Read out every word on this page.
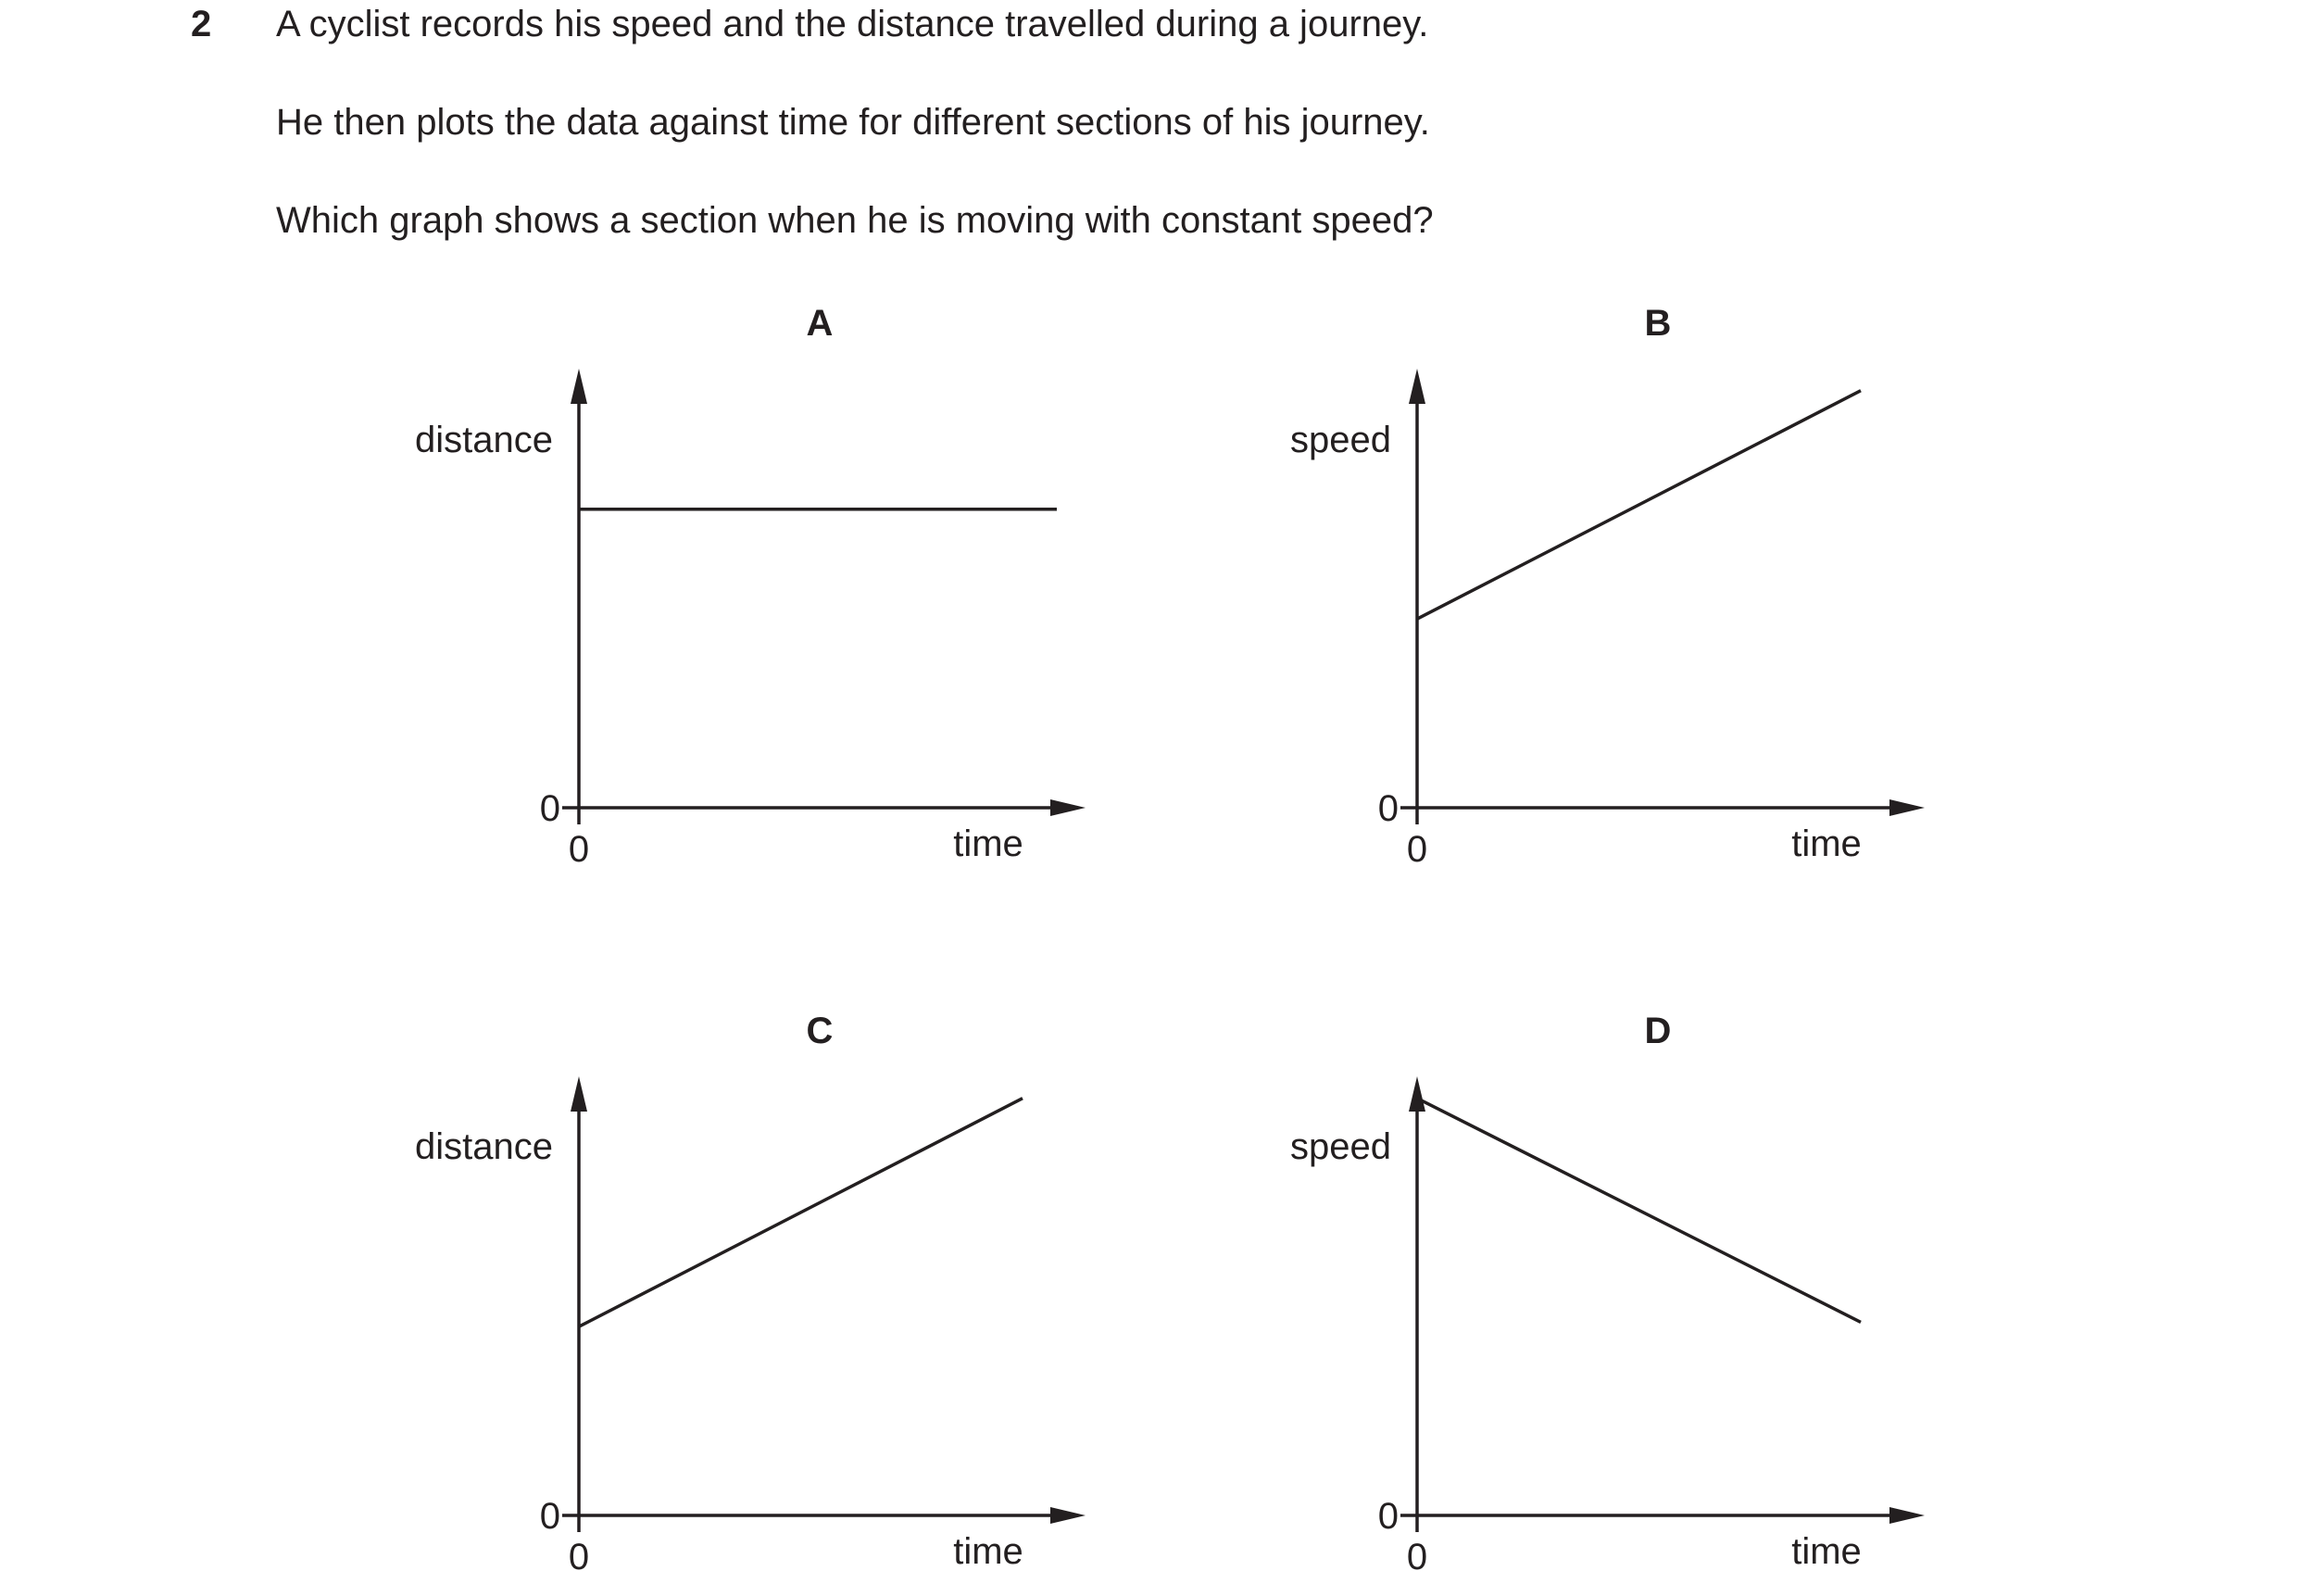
2 A cyclist records his speed and the distance travelled during a journey.
He then plots the data against time for different sections of his journey.
Which graph shows a section when he is moving with constant speed?
A
distance
time
0
0
B
speed
time
0
0
C
distance
time
0
0
D
speed
time
0
0
